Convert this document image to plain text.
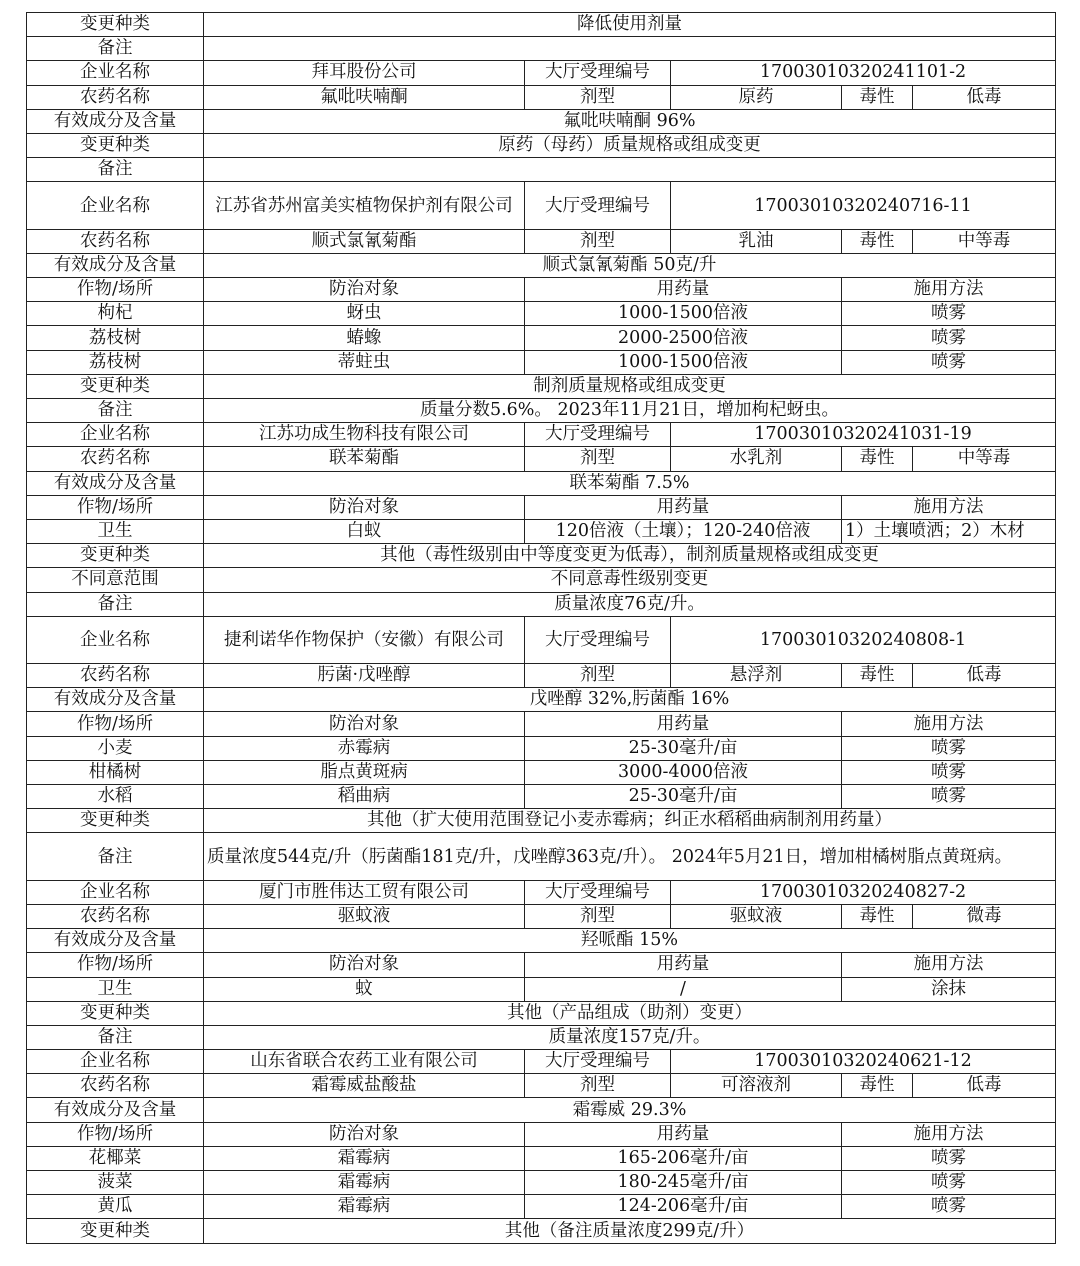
变更种类	降低使用剂量				
备注					
企业名称	拜耳股份公司	大厅受理编号	17003010320241101-2		
农药名称	氟吡呋喃酮	剂型	原药	毒性	低毒
有效成分及含量	氟吡呋喃酮 96%				
变更种类	原药（母药）质量规格或组成变更				
备注					
企业名称	江苏省苏州富美实植物保护剂有限公司	大厅受理编号	17003010320240716-11		
农药名称	顺式氯氰菊酯	剂型	乳油	毒性	中等毒
有效成分及含量	顺式氯氰菊酯 50克/升				
作物/场所	防治对象	用药量		施用方法	
枸杞	蚜虫	1000-1500倍液		喷雾	
荔枝树	蝽蟓	2000-2500倍液		喷雾	
荔枝树	蒂蛀虫	1000-1500倍液		喷雾	
变更种类	制剂质量规格或组成变更				
备注	质量分数5.6%。 2023年11月21日，增加枸杞蚜虫。				
企业名称	江苏功成生物科技有限公司	大厅受理编号	17003010320241031-19		
农药名称	联苯菊酯	剂型	水乳剂	毒性	中等毒
有效成分及含量	联苯菊酯 7.5%				
作物/场所	防治对象	用药量		施用方法	
卫生	白蚁	120倍液（土壤）；120-240倍液		1）土壤喷洒；2）木材	
变更种类	其他（毒性级别由中等度变更为低毒），制剂质量规格或组成变更				
不同意范围	不同意毒性级别变更				
备注	质量浓度76克/升。				
企业名称	捷利诺华作物保护（安徽）有限公司	大厅受理编号	17003010320240808-1		
农药名称	肟菌·戊唑醇	剂型	悬浮剂	毒性	低毒
有效成分及含量	戊唑醇 32%,肟菌酯 16%				
作物/场所	防治对象	用药量		施用方法	
小麦	赤霉病	25-30毫升/亩		喷雾	
柑橘树	脂点黄斑病	3000-4000倍液		喷雾	
水稻	稻曲病	25-30毫升/亩		喷雾	
变更种类	其他（扩大使用范围登记小麦赤霉病；纠正水稻稻曲病制剂用药量）				
备注	质量浓度544克/升（肟菌酯181克/升，戊唑醇363克/升）。 2024年5月21日，增加柑橘树脂点黄斑病。				
企业名称	厦门市胜伟达工贸有限公司	大厅受理编号	17003010320240827-2		
农药名称	驱蚊液	剂型	驱蚊液	毒性	微毒
有效成分及含量	羟哌酯 15%				
作物/场所	防治对象	用药量		施用方法	
卫生	蚊	/		涂抹	
变更种类	其他（产品组成（助剂）变更）				
备注	质量浓度157克/升。				
企业名称	山东省联合农药工业有限公司	大厅受理编号	17003010320240621-12		
农药名称	霜霉威盐酸盐	剂型	可溶液剂	毒性	低毒
有效成分及含量	霜霉威 29.3%				
作物/场所	防治对象	用药量		施用方法	
花椰菜	霜霉病	165-206毫升/亩		喷雾	
菠菜	霜霉病	180-245毫升/亩		喷雾	
黄瓜	霜霉病	124-206毫升/亩		喷雾	
变更种类	其他（备注质量浓度299克/升）				
